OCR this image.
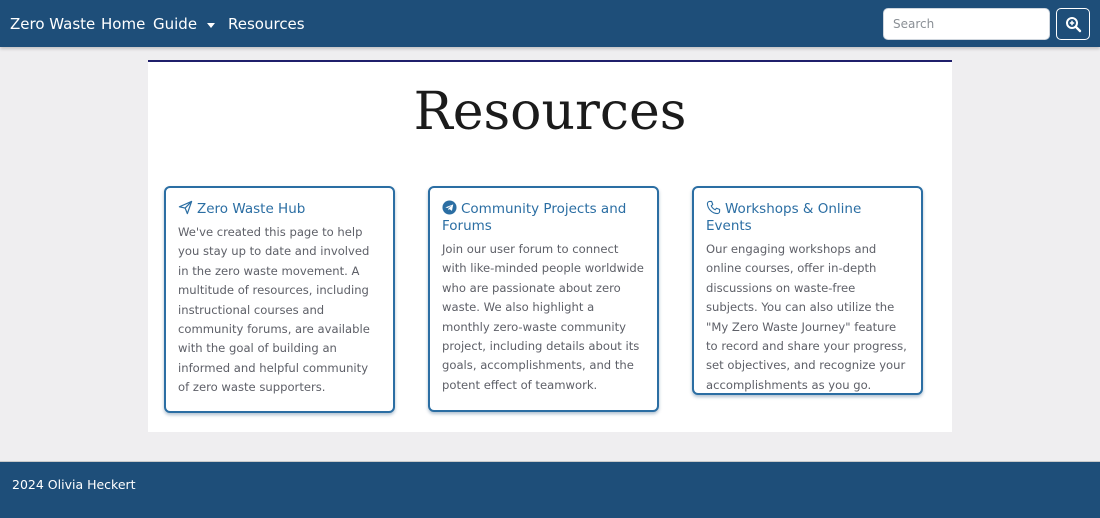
Zero Waste Home Guide Resources
Search
Resources
Zero Waste Hub

We've created this page to help you stay up to date and involved in the zero waste movement. A multitude of resources, including instructional courses and community forums, are available with the goal of building an informed and helpful community of zero waste supporters.

Community Projects and Forums

Join our user forum to connect with like-minded people worldwide who are passionate about zero waste. We also highlight a monthly zero-waste community project, including details about its goals, accomplishments, and the potent effect of teamwork.

Workshops & Online Events

Our engaging workshops and online courses, offer in-depth discussions on waste-free subjects. You can also utilize the "My Zero Waste Journey" feature to record and share your progress, set objectives, and recognize your accomplishments as you go.

2024 Olivia Heckert
